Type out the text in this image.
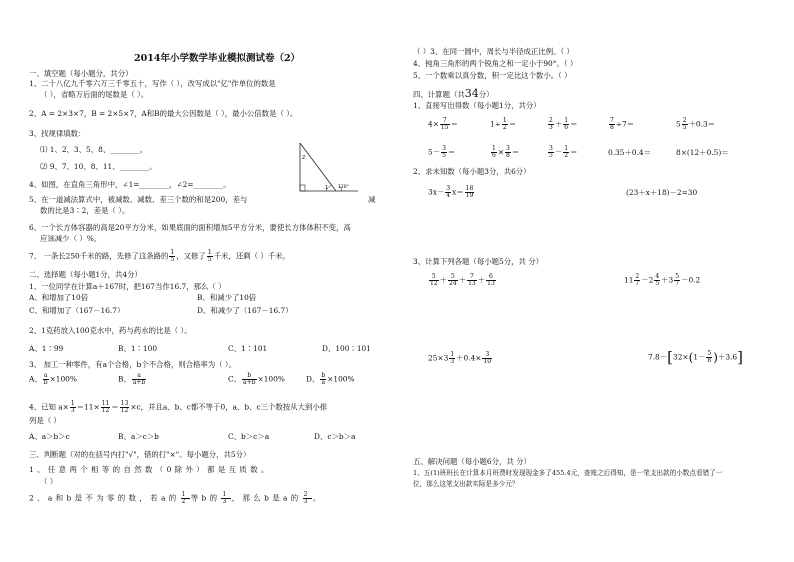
2014年小学数学毕业模拟测试卷（2）
一、填空题（每小题分，共分）
1、二十八亿九千零六万三千零五十，写作（ ），改写成以"亿"作单位的数是
（ ），省略万后面的尾数是（ ）。
2、A = 2×3×7，B = 2×5×7，A和B的最大公因数是（ ），最小公倍数是（ ）。
3、找规律填数：
⑴ 1、2、3、5、8、________。
⑵ 9、7、10、8、11、________。
2
1 120°
4、如图，在直角三角形中，∠1=________，∠2=________。
5、在一道减法算式中，被减数、减数、差三个数的和是200，差与	减
数的比是3∶2，差是（ ）。
6、一个长方体容器的高是20平方分米，如果底面的面积增加5平方分米，要使长方体体积不变，高
应该减少（ ）%。
7、 一条长250千米的路，先修了这条路的 $\frac{1}{5}$ ，又修了 $\frac{1}{5}$ 千米，还剩（ ）千米。
二、选择题（每小题1分，共4分）
1、一位同学在计算a＋167时，把167当作16.7，那么（ ）
A、和增加了10倍	B、和减少了10倍
C、和增加了（167－16.7）	D、和减少了（167－16.7）
2、1克药放入100克水中，药与药水的比是（ ）。
A、1∶99	B、1∶100	C、1∶101	D、100∶101
3、 加工一种零件，有a个合格，b个不合格，则合格率为（ ）。
A、 $\frac{a}{b} \times 100\%$	B、 $\frac{a}{a+b}$	C、 $\frac{b}{a+b} \times 100\%$	D、 $\frac{b}{a} \times 100\%$
4、已知 $a\times \frac{1}{3} =11\times \frac{11}{12} = \frac{13}{12} \times c$，并且a、b、c都不等于0，a、b、c三个数按从大到小排
列是（ ）
A、a＞b＞c	B、a＞c＞b	C、b＞c＞a	D、c＞b＞a
三、判断题（对的在括号内打"√"，错的打"×"。每小题分，共5分）
1、任意两个相等的自然数（0除外）都是互质数。
（ ）
2、a和b是不为零的数，若a的 $\frac{1}{2}$ 等b的 $\frac{1}{3}$ ，那么b是a的 $\frac{2}{3}$ 。
（ ）3、在同一圆中，周长与半径成正比例。（ ）
4、钝角三角形的两个锐角之和一定小于90°。（ ）
5、一个数乘以真分数，积一定比这个数小。（ ）
四、计算题（共34分）
1、直接写出得数（每小题1分，共分）
$4\times \frac{7}{15}$ ＝	$1\div \frac{1}{2}$ ＝	$\frac{2}{3} + \frac{1}{6}$ ＝	$\frac{7}{8} \div 7=$	$5 \frac{2}{5} +0.3=$
$5- \frac{3}{5}$ ＝	$\frac{1}{6} \times \frac{3}{8}$ ＝	$\frac{3}{5} - \frac{1}{2}$ ＝	0.35＋0.4＝	8×(12＋0.5)＝
2、求未知数（每小题3分，共6分）
$3x- \frac{3}{4} x= \frac{18}{19}$	(23＋x＋18)－2=30
3、计算下列各题（每小题5分，共 分）
$\frac{5}{12} + \frac{5}{24} + \frac{7}{13} + \frac{6}{13}$	$11 \frac{2}{7} -2 \frac{4}{5} +3 \frac{5}{7} -0.2$
$25\times 3 \frac{1}{3} +0.4\times \frac{3}{10}$	$7.8-[32\times(1- \frac{5}{8} )+3.6]$
五、解决问题（每小题6分，共 分）
1、五(1)班班长在计算本月班费时发现现金多了455.4元，查账之后得知，是一笔支出款的小数点看错了一
位，那么这笔支出款实际是多少元？
